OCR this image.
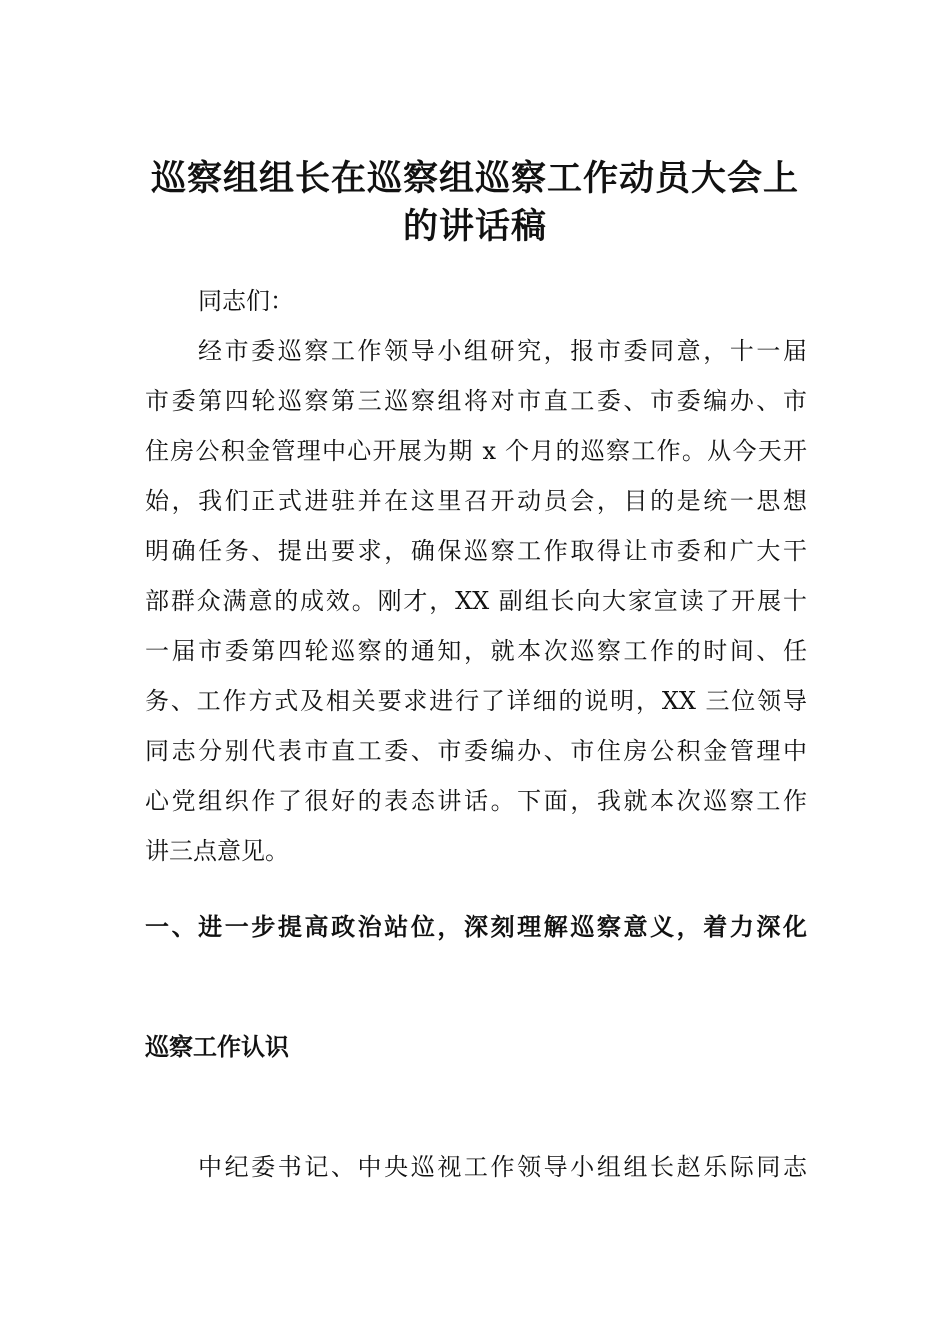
巡察组组长在巡察组巡察工作动员大会上
的讲话稿
同志们：
经市委巡察工作领导小组研究，报市委同意，十一届
市委第四轮巡察第三巡察组将对市直工委、市委编办、市
住房公积金管理中心开展为期 x 个月的巡察工作。从今天开
始，我们正式进驻并在这里召开动员会，目的是统一思想
明确任务、提出要求，确保巡察工作取得让市委和广大干
部群众满意的成效。刚才，XX 副组长向大家宣读了开展十
一届市委第四轮巡察的通知，就本次巡察工作的时间、任
务、工作方式及相关要求进行了详细的说明，XX 三位领导
同志分别代表市直工委、市委编办、市住房公积金管理中
心党组织作了很好的表态讲话。下面，我就本次巡察工作
讲三点意见。
一、进一步提高政治站位，深刻理解巡察意义，着力深化
巡察工作认识
中纪委书记、中央巡视工作领导小组组长赵乐际同志
